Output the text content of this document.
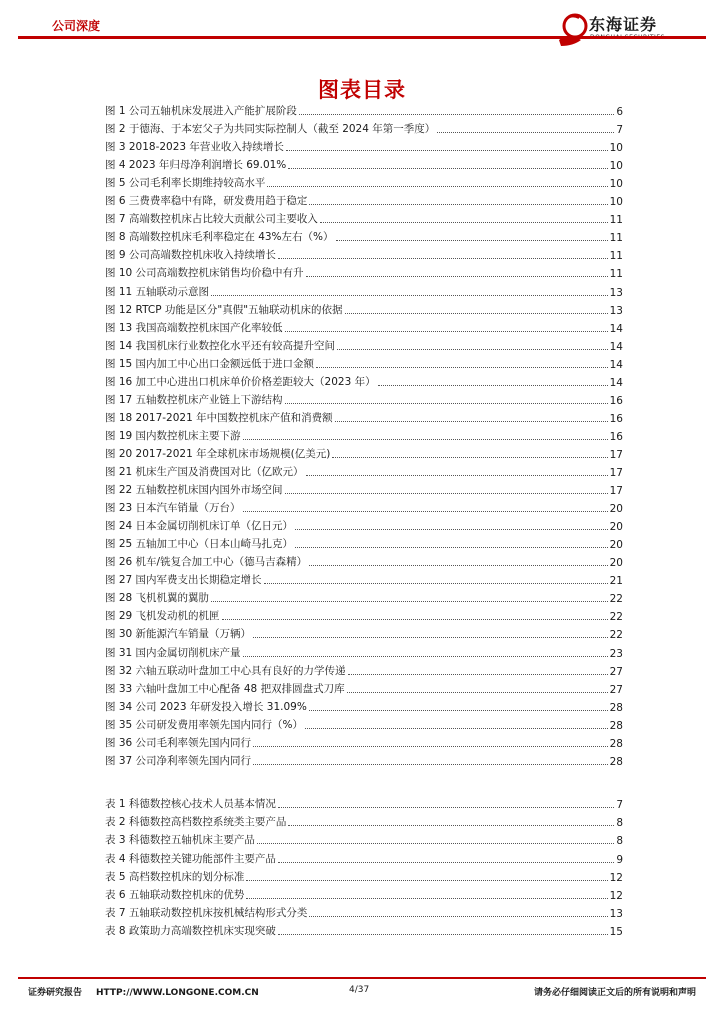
公司深度	东海证券
图表目录
图 1 公司五轴机床发展进入产能扩展阶段	6
图 2 于德海、于本宏父子为共同实际控制人（截至 2024 年第一季度）	7
图 3 2018-2023 年营业收入持续增长	10
图 4 2023 年归母净利润增长 69.01%	10
图 5 公司毛利率长期维持较高水平	10
图 6 三费费率稳中有降，研发费用趋于稳定	10
图 7 高端数控机床占比较大贡献公司主要收入	11
图 8 高端数控机床毛利率稳定在 43%左右（%）	11
图 9 公司高端数控机床收入持续增长	11
图 10 公司高端数控机床销售均价稳中有升	11
图 11 五轴联动示意图	13
图 12 RTCP 功能是区分"真假"五轴联动机床的依据	13
图 13 我国高端数控机床国产化率较低	14
图 14 我国机床行业数控化水平还有较高提升空间	14
图 15 国内加工中心出口金额远低于进口金额	14
图 16 加工中心进出口机床单价价格差距较大（2023 年）	14
图 17 五轴数控机床产业链上下游结构	16
图 18 2017-2021 年中国数控机床产值和消费额	16
图 19 国内数控机床主要下游	16
图 20 2017-2021 年全球机床市场规模(亿美元)	17
图 21 机床生产国及消费国对比（亿欧元）	17
图 22 五轴数控机床国内国外市场空间	17
图 23 日本汽车销量（万台）	20
图 24 日本金属切削机床订单（亿日元）	20
图 25 五轴加工中心（日本山崎马扎克）	20
图 26 机车/铣复合加工中心（德马吉森精）	20
图 27 国内军费支出长期稳定增长	21
图 28 飞机机翼的翼肋	22
图 29 飞机发动机的机匣	22
图 30 新能源汽车销量（万辆）	22
图 31 国内金属切削机床产量	23
图 32 六轴五联动叶盘加工中心具有良好的力学传递	27
图 33 六轴叶盘加工中心配备 48 把双排圆盘式刀库	27
图 34 公司 2023 年研发投入增长 31.09%	28
图 35 公司研发费用率领先国内同行（%）	28
图 36 公司毛利率领先国内同行	28
图 37 公司净利率领先国内同行	28
表 1 科德数控核心技术人员基本情况	7
表 2 科德数控高档数控系统类主要产品	8
表 3 科德数控五轴机床主要产品	8
表 4 科德数控关键功能部件主要产品	9
表 5 高档数控机床的划分标准	12
表 6 五轴联动数控机床的优势	12
表 7 五轴联动数控机床按机械结构形式分类	13
表 8 政策助力高端数控机床实现突破	15
证券研究报告 HTTP://WWW.LONGONE.COM.CN	4/37	请务必仔细阅读正文后的所有说明和声明
